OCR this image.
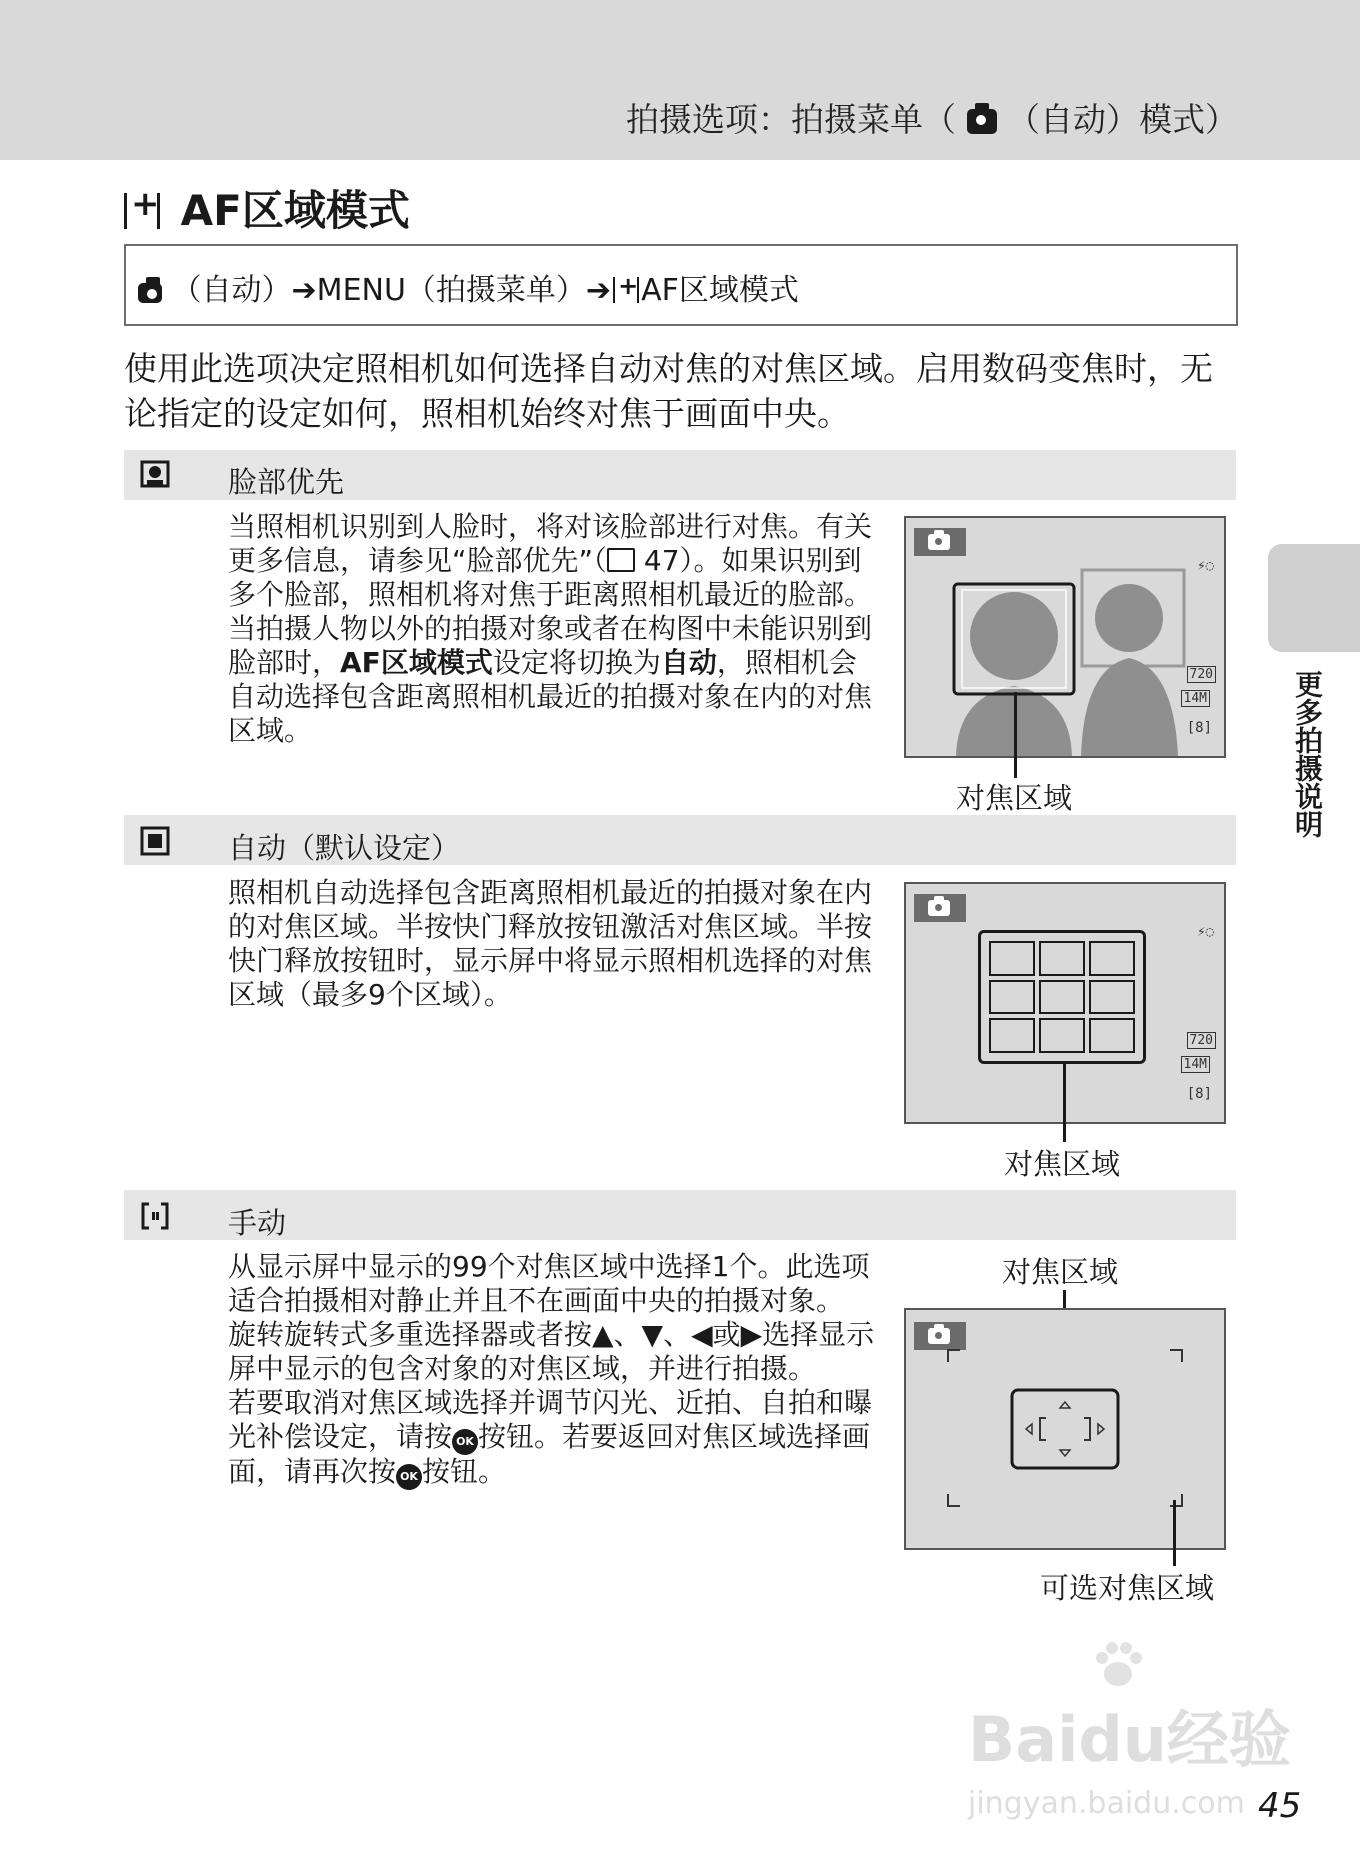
拍摄选项：拍摄菜单（ （自动）模式）
+ AF区域模式
（自动）➔MENU（拍摄菜单）➔+ AF区域模式
使用此选项决定照相机如何选择自动对焦的对焦区域。启用数码变焦时，无论指定的设定如何，照相机始终对焦于画面中央。
脸部优先
当照相机识别到人脸时，将对该脸部进行对焦。有关更多信息，请参见“脸部优先”（ 47）。如果识别到多个脸部，照相机将对焦于距离照相机最近的脸部。
当拍摄人物以外的拍摄对象或者在构图中未能识别到脸部时，AF区域模式设定将切换为自动，照相机会自动选择包含距离照相机最近的拍摄对象在内的对焦区域。
⚡◌
720
14M
[8]
对焦区域
自动（默认设定）
照相机自动选择包含距离照相机最近的拍摄对象在内的对焦区域。半按快门释放按钮激活对焦区域。半按快门释放按钮时，显示屏中将显示照相机选择的对焦区域（最多9个区域）。
⚡◌
720
14M
[8]
对焦区域
手动
从显示屏中显示的99个对焦区域中选择1个。此选项适合拍摄相对静止并且不在画面中央的拍摄对象。
旋转旋转式多重选择器或者按▲、▼、◀或▶选择显示屏中显示的包含对象的对焦区域，并进行拍摄。
若要取消对焦区域选择并调节闪光、近拍、自拍和曝光补偿设定，请按 OK 按钮。若要返回对焦区域选择画面，请再次按 OK 按钮。
对焦区域
可选对焦区域
更多拍摄说明
Baidu经验
jingyan.baidu.com 45
